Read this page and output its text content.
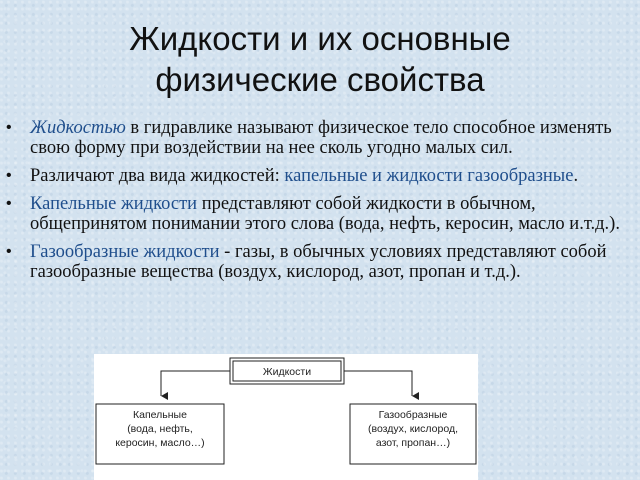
Жидкости и их основные
физические свойства
• Жидкостью в гидравлике называют физическое тело способное изменять свою форму при воздействии на нее сколь угодно малых сил.
• Различают два вида жидкостей: капельные и жидкости газообразные.
• Капельные жидкости представляют собой жидкости в обычном, общепринятом понимании этого слова (вода, нефть, керосин, масло и.т.д.).
• Газообразные жидкости - газы, в обычных условиях представляют собой газообразные вещества (воздух, кислород, азот, пропан и т.д.).
Жидкости
Капельные
(вода, нефть,
керосин, масло…)
Газообразные
(воздух, кислород,
азот, пропан…)
